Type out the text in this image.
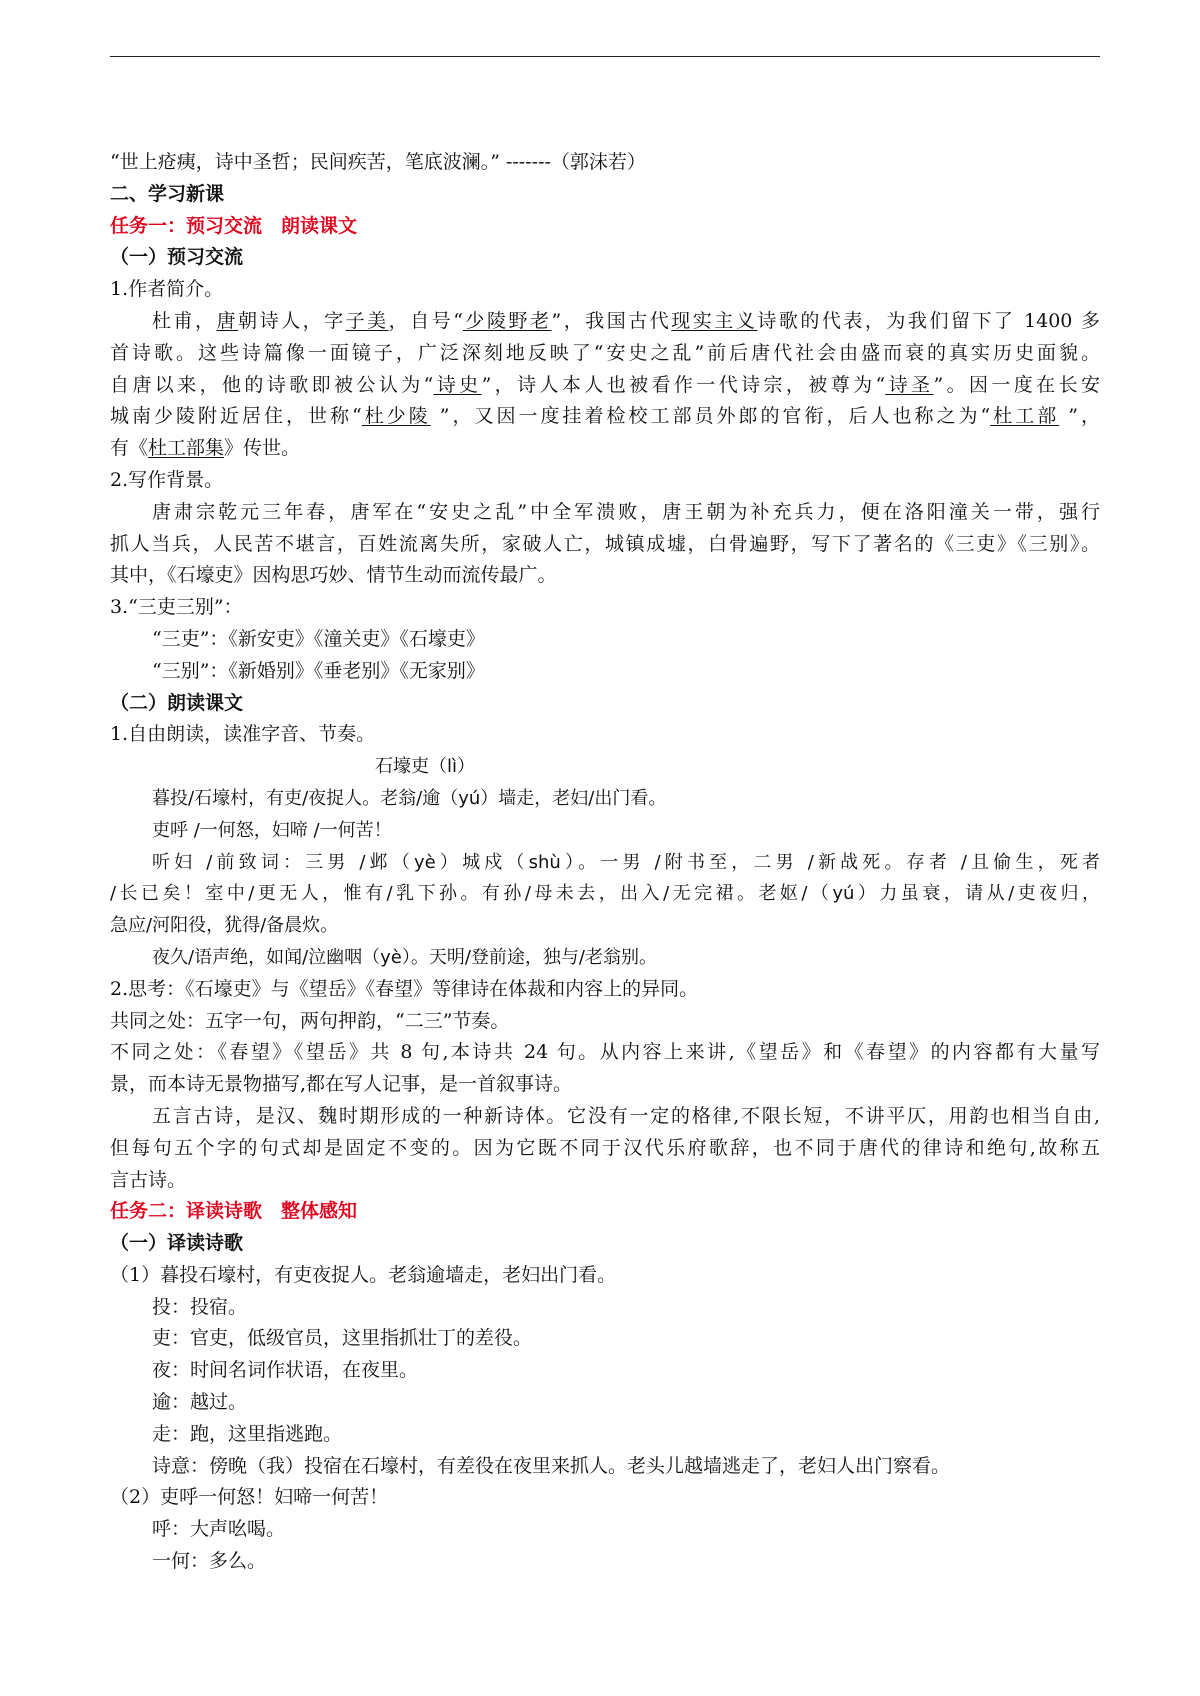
“世上疮痍，诗中圣哲；民间疾苦，笔底波澜。” -------（郭沫若）

二、学习新课

任务一：预习交流　朗读课文

（一）预习交流

1.作者简介。

杜甫，唐朝诗人，字子美，自号“少陵野老”，我国古代现实主义诗歌的代表，为我们留下了 1400 多

首诗歌。这些诗篇像一面镜子，广泛深刻地反映了“安史之乱”前后唐代社会由盛而衰的真实历史面貌。

自唐以来，他的诗歌即被公认为“诗史”，诗人本人也被看作一代诗宗，被尊为“诗圣”。因一度在长安

城南少陵附近居住，世称“杜少陵 ”，又因一度挂着检校工部员外郎的官衔，后人也称之为“杜工部 ”，

有《杜工部集》传世。

2.写作背景。

唐肃宗乾元三年春，唐军在“安史之乱”中全军溃败，唐王朝为补充兵力，便在洛阳潼关一带，强行

抓人当兵，人民苦不堪言，百姓流离失所，家破人亡，城镇成墟，白骨遍野，写下了著名的《三吏》《三别》。

其中，《石壕吏》因构思巧妙、情节生动而流传最广。

3.“三吏三别”：

“三吏”：《新安吏》《潼关吏》《石壕吏》

“三别”：《新婚别》《垂老别》《无家别》

（二）朗读课文

1.自由朗读，读准字音、节奏。

石壕吏（lì）

暮投/石壕村，有吏/夜捉人。老翁/逾（yú）墙走，老妇/出门看。

吏呼 /一何怒，妇啼 /一何苦！

听妇 /前致词：三男 /邺（yè）城戍（shù）。一男 /附书至，二男 /新战死。存者 /且偷生，死者

/长已矣！室中/更无人，惟有/乳下孙。有孙/母未去，出入/无完裙。老妪/（yú）力虽衰，请从/吏夜归，

急应/河阳役，犹得/备晨炊。

夜久/语声绝，如闻/泣幽咽（yè）。天明/登前途，独与/老翁别。

2.思考：《石壕吏》与《望岳》《春望》等律诗在体裁和内容上的异同。

共同之处：五字一句，两句押韵，“二三”节奏。

不同之处：《春望》《望岳》共 8 句,本诗共 24 句。从内容上来讲,《望岳》和《春望》的内容都有大量写

景，而本诗无景物描写,都在写人记事，是一首叙事诗。

五言古诗，是汉、魏时期形成的一种新诗体。它没有一定的格律,不限长短，不讲平仄，用韵也相当自由,

但每句五个字的句式却是固定不变的。因为它既不同于汉代乐府歌辞，也不同于唐代的律诗和绝句,故称五

言古诗。

任务二：译读诗歌　整体感知

（一）译读诗歌

（1）暮投石壕村，有吏夜捉人。老翁逾墙走，老妇出门看。

投：投宿。

吏：官吏，低级官员，这里指抓壮丁的差役。

夜：时间名词作状语，在夜里。

逾：越过。

走：跑，这里指逃跑。

诗意：傍晚（我）投宿在石壕村，有差役在夜里来抓人。老头儿越墙逃走了，老妇人出门察看。

（2）吏呼一何怒！妇啼一何苦！

呼：大声吆喝。

一何：多么。
